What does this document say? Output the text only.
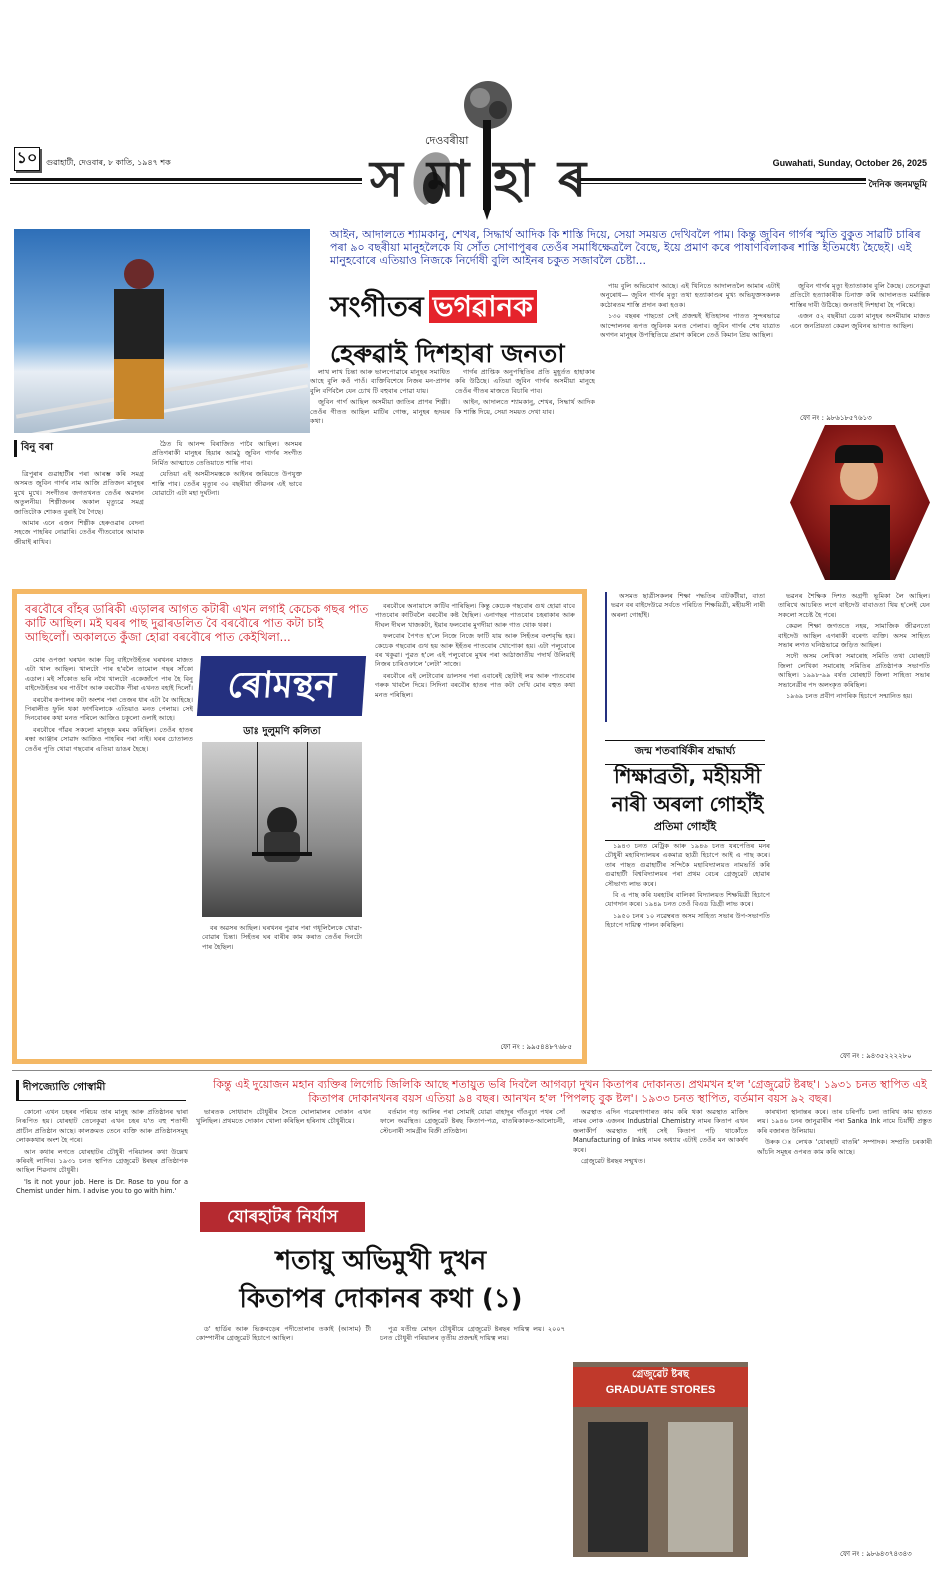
১০	গুৱাহাটী, দেওবাৰ, ৮ কাতি, ১৯৪৭ শক
দেওবৰীয়া
সমাহাৰ	Guwahati, Sunday, October 26, 2025
দৈনিক জনমভূমি
আইন, আদালতে শ্যামকানু, শেখৰ, সিদ্ধাৰ্থ আদিক কি শাস্তি দিয়ে, সেয়া সময়ত দেখিবলৈ পাম। কিন্তু জুবিন গাৰ্গৰ স্মৃতি বুকুত সাৱটি চাৰিৰ পৰা ৯০ বছৰীয়া মানুহলৈকে যি সোঁত সোণাপুৰৰ তেওঁৰ সমাধিক্ষেত্ৰলৈ বৈছে, ইয়ে প্ৰমাণ কৰে পাষাণবিলাকৰ শাস্তি ইতিমধ্যে হৈছেই। এই মানুহবোৰে এতিয়াও নিজকে নিৰ্দোষী বুলি আইনৰ চকুত সজাবলৈ চেষ্টা...
সংগীতৰ ভগৱানক
হেৰুৱাই দিশহাৰা জনতা
বিনু বৰা

ত্ৰিপুৰাৰ গুৱাহাটীৰ পৰা আৰম্ভ কৰি সমগ্ৰ অসমত জুবিন গাৰ্গৰ নাম আজি প্ৰতিজন মানুহৰ মুখে মুখে। সংগীতৰ জগতখনত তেওঁৰ অৱদান অতুলনীয়। শিল্পীজনৰ অকাল মৃত্যুৱে সমগ্ৰ জাতিটোক শোকত বুৰাই থৈ গৈছে।

আমাৰ এনে এজন শিল্পীক হেৰুওৱাৰ বেদনা সহজে পাহৰিব নোৱাৰি। তেওঁৰ গীতবোৰে আমাক জীয়াই ৰাখিব।

ঠৈত যি আনন্দ বিৰাজিত পাবৈ আছিল। অসমৰ প্ৰতিগৰাকী মানুহৰ হিয়াৰ আমঠু জুবিন গাৰ্গৰ সংগীত নিৰ্মিত আত্মাতে তেতিয়াতে শান্তি পাব।

যেতিয়া এই অসমীসমস্তকে আইনৰ জৰিয়তে উপযুক্ত শাস্তি পাব। তেওঁৰ মৃত্যুৰ ৩০ বছৰীয়া জীৱনৰ এই ভাবে যোৱাটো এটা মহা দুৰ্ঘটনা।

লাখ লাখ চিন্তা আৰু ভালপোৱাৰে মানুহৰ সমাধিত আহে বুলি কওঁ পাওঁ। ব্যক্তিবিশেষে নিজৰ মন-প্ৰাণৰ বুলি বৰ্ণিবলৈ যেন চোখ টি বহুবাৰ পোৱা যায়।

জুবিন গাৰ্গ আছিল অসমীয়া জাতিৰ প্ৰাণৰ শিল্পী। তেওঁৰ গীতত আছিল মাটিৰ গোন্ধ, মানুহৰ হৃদয়ৰ কথা।

গাৰ্গৰ প্ৰাপ্তিক অনুপস্থিতিৰ প্ৰতি মুহূৰ্তত হাহাকাৰ কৰি উঠিছে। এতিয়া জুবিন গাৰ্গৰ অসমীয়া মানুহে তেওঁৰ গীতৰ মাজতে বিচাৰি পাব।

আইন, আদালতে শ্যামকানু, শেখৰ, সিদ্ধাৰ্থ আদিক কি শাস্তি দিয়ে, সেয়া সময়ত দেখা যাব।

পায় বুলি অভিযোগ আছে। এই খিনিতে আদালতলৈ আমাৰ এটাই অনুৰোধ— জুবিন গাৰ্গৰ মৃত্যু তথা হত্যাকাণ্ডৰ মুখ্য অভিযুক্তসকলক কঠোৰতম শাস্তি প্ৰদান কৰা হওক।

১৩০ বছৰৰ পাছতো সেই প্ৰজন্মই ইতিহাসৰ পাতত সুন্দৰভাৱে আন্দোলনৰ ৰূপত জুবিনক মনত পেলাব। জুবিন গাৰ্গৰ শেষ যাত্ৰাত অগণন মানুহৰ উপস্থিতিয়ে প্ৰমাণ কৰিলে তেওঁ কিমান প্ৰিয় আছিল।

জুবিন গাৰ্গৰ মৃত্যু ইতাতাকাৰ বুলি কৈছে। তেনেকুৱা প্ৰতিটো হত্যাকাৰীক চিনাক্ত কৰি আদালতত মৰ্মান্তিক শাস্তিৰ দাবী উঠিছে। জনতাই দিশহাৰা হৈ পৰিছে।

এজন ৫২ বছৰীয়া ডেকা মানুহৰ অসমীয়াৰ মাজত এনে জনপ্ৰিয়তা কেৱল জুবিনৰ ভাগ্যত আছিল।

ফো নং : ৯৮৬১৮৫৭৬১৩
বৰবৌৰে বাঁহৰ ডাৰিকী এড়ালৰ আগত কটাৰী এখন লগাই কেচেক গছৰ পাত কাটি আছিল। মই ঘৰৰ পাছ দুৱাৰডলিত বৈ বৰবৌৰে পাত কটা চাই আছিলোঁ। অকালতে কুঁজা হোৱা বৰবৌৰে পাত কেইখিলা...
ৰোমন্থন
ডাঃ দুলুমণি কলিতা

মোৰ ওপজা ঘৰখন আৰু বিনু বাইদেউহঁতৰ ঘৰখনৰ মাজত এটা খাল আছিল। খালটো পাৰ হ'বলৈ তামোল গছৰ সাঁকো এডাল। মই সাঁকোত ভৰি নথৈ খালটো একেজাঁপে পাৰ হৈ বিনু বাইদেউহঁতৰ ঘৰ পাওঁগৈ আৰু বৰবৌক পীৰা এখনত বহাই দিলোঁ।

বৰবৌৰ কপালৰ কটা অংশৰ পৰা তেজৰ ধাৰ এটা বৈ আহিছে। পিৰালীত ফুলি থকা ফাৰ্ণবিলাকে এতিয়াও মনত পেলায়। সেই দিনবোৰৰ কথা মনত পৰিলে আজিও চকুলো ওলাই আহে।

বৰবৌৰে গাঁৱৰ সকলো মানুহক মৰম কৰিছিল। তেওঁৰ হাতৰ ৰন্ধা আঞ্জাৰ সোৱাদ আজিও পাহৰিব পৰা নাই। ঘৰৰ চোতালত তেওঁৰ পুতি থোৱা গছবোৰ এতিয়া ডাঙৰ হৈছে।

বৰ অৱসৰ আছিল। ঘৰখনৰ পুৱাৰ পৰা গধূলিলৈকে খোৱা-বোৱাৰ চিন্তা। সিহঁতৰ ঘৰ বাৰীৰ কাম কৰাত তেওঁৰ দিনটো পাৰ হৈছিল।

বৰবৌৰে অনায়াসে কাটিব পাৰিছিল। কিন্তু কেচেক গছবোৰ গুথ হোৱা বাবে পাতবোৰ কাটিবলৈ বৰবৌৰ কষ্ট হৈছিল। এনাগছৰ পাতবোৰ চহৰাকাৰ আৰু দীঘল দীঘল খাজকটা, ইয়াৰ ফলবোৰ মুগদীয়া আৰু গাত থোক থকা।

ফলবোৰ পৈণত হ'লে নিজে নিজে ফাটি যায় আৰু সিহঁতৰ বংশবৃদ্ধি হয়। কেচেক গছবোৰ গুথ হয় আৰু ইহঁতৰ পাতবোৰ খোপোকা হয়। এটা পলুবোৰে বৰ খকুৱা। পুৱত হ'লে এই পলুবোৰে মুখৰ পৰা আঠাজাতীয় পদাৰ্থ উলিয়াই নিজৰ চাৰিওফালে 'লেটা' সাজে।

বৰবৌৰে এই লেটাবোৰ ডালসৰ পৰা এবাৰেই ছোটাই লয় আৰু পাতবোৰ গৰুক খাবলৈ দিয়ে। সিদিনা বৰবৌৰ হাতৰ পাত কটা দেখি মোৰ বহুত কথা মনত পৰিছিল।

ফো নং : ৯৯৫৪৪৮৭৬৮৫

অসমত ছাত্ৰীসকলৰ শিক্ষা পদ্ধতিৰ বাটকটীয়া, বাতা ভৱন বৰ বাইদেউৱে সৰ্বতে পৰিচিত শিক্ষয়িত্ৰী, মহীয়সী নাৰী অৰলা গোহাঁই।

জন্ম শতবাৰ্ষিকীৰ শ্ৰদ্ধাৰ্ঘ্য
শিক্ষাব্ৰতী, মহীয়সী
নাৰী অৰলা গোহাঁই
প্ৰতিমা গোহাঁই

১৯৪৩ চনত মেট্ৰিক আৰু ১৯৪৬ চনত যৰপেতিৰ মনৰ চৌধুৰী মহাবিদ্যালয়ৰ একমাত্ৰ ছাত্ৰী হিচাপে আই এ পাছ কৰে। তাৰ পাছত গুৱাহাটীৰ সন্দিকৈ মহাবিদ্যালয়ত নামভৰ্তি কৰি গুৱাহাটী বিশ্ববিদ্যালয়ৰ পৰা প্ৰথম বেচৰ গ্ৰেজুৱেট হোৱাৰ সৌভাগ্য লাভ কৰে।

বি এ পাছ কৰি যৰহাটৰ বালিকা বিদ্যালয়ত শিক্ষয়িত্ৰী হিচাপে যোগদান কৰে। ১৯৪৯ চনত তেওঁ বিএড ডিগ্ৰী লাভ কৰে।

১৯৫০ চনৰ ১০ নৱেম্বৰত অসম সাহিত্য সভাৰ উপ-সভাপতি হিচাপে দায়িত্ব পালন কৰিছিল।

ভৱনৰ শৈক্ষিক দিশত অগ্ৰণী ভূমিকা লৈ আছিল। তাৰিখে আচৰিত লগে বাইদেউ বাবাওতা থিয় হ'লেই যেন সকলো সচেষ্ট হৈ পৰে।

কেৱল শিক্ষা জগততে নহয়, সামাজিক জীৱনতো বাইদেউ আছিল এগৰাকী বৰেণ্য ব্যক্তি। অসম সাহিত্য সভাৰ লগত ঘনিষ্ঠভাৱে জড়িত আছিল।

সদৌ অসম লেখিকা সমাৰোহ সমিতি তথা যোৰহাট জিলা লেখিকা সমাৰোহ সমিতিৰ প্ৰতিষ্ঠাপক সভাপতি আছিল। ১৯৯৮-৯৯ বৰ্ষত যোৰহাট জিলা সাহিত্য সভাৰ সভানেত্ৰীৰ পদ অলংকৃত কৰিছিল।

১৯৬৯ চনত প্ৰবীণ নাগৰিক হিচাপে সন্মানিত হয়।

ফো নং : ৯৪৩৫২২২২৮০
দীপজ্যোতি গোস্বামী	কিন্তু এই দুয়োজন মহান ব্যক্তিৰ লিগেচি জিলিকি আছে শতায়ুত ভৰি দিবলৈ আগবঢ়া দুখন কিতাপৰ দোকানত। প্ৰথমখন হ'ল 'গ্ৰেজুৱেট ষ্টৰছ'। ১৯৩১ চনত স্থাপিত এই কিতাপৰ দোকানখনৰ বয়স এতিয়া ৯৪ বছৰ। আনখন হ'ল 'পিপলচ্‌ বুক ষ্টল'। ১৯৩৩ চনত স্থাপিত, বৰ্তমান বয়স ৯২ বছৰ।

কোনো এখন চহৰৰ পৰিচয় তাৰ মানুহ আৰু প্ৰতিষ্ঠানৰ দ্বাৰা নিৰূপিত হয়। যোৰহাট তেনেকুৱা এখন চহৰ য'ত বহু শতাব্দী প্ৰাচীন প্ৰতিষ্ঠান আছে। কালক্ৰমত তেনে ব্যক্তি আৰু প্ৰতিষ্ঠানসমূহ লোককথাৰ অংশ হৈ পৰে।

আন কথাৰ লগতে যোৰহাটৰ চৌধুৰী পৰিয়ালৰ কথা উল্লেখ কৰিবই লাগিব। ১৯৩১ চনত স্থাপিত গ্ৰেজুৱেট ষ্টৰছৰ প্ৰতিষ্ঠাপক আছিল শিৱনাথ চৌধুৰী।

'Is it not your job. Here is Dr. Rose to you for a Chemist under him. I advise you to go with him.'

ভাৰতক সোধাবাদ চৌধুৰীৰ সৈতে ঘোলামালৰ দোকান এখন খুলিছিল। প্ৰথমতে দোকান খোলা কৰিছিল হৰিনাথ চৌধুৰীয়ে।

যোৰহাটৰ নিৰ্যাস
শতায়ু অভিমুখী দুখন
কিতাপৰ দোকানৰ কথা (১)

ড' হাৰ্ডিৰ আৰু ভিক্ৰবড়েৰ পদীতোলাৰ তকাই (আসাম) টী কোম্পানীৰ গ্ৰেজুৱেট হিচাপে আছিল।

বৰ্তমান গড় আলিৰ পৰা সোমাই যোৱা বাহাদুৰ গাঁওবুঢ়া পথৰ সোঁ ফালে অৱস্থিত। গ্ৰেজুৱেট ষ্টৰছ কিতাপ-পত্ৰ, বাতৰিকাকত-আলোচনী, স্টেচনাৰী সামগ্ৰীৰ বিক্ৰী প্ৰতিষ্ঠান।

পুত্ৰ যতীন্দ্ৰ মোহন চৌধুৰীয়ে গ্ৰেজুৱেট ষ্টৰছৰ দায়িত্ব লয়। ২০০৭ চনত চৌধুৰী পৰিয়ালৰ তৃতীয় প্ৰজন্মই দায়িত্ব লয়।

অৱস্থাত এদিন গৱেষণাগাৰত কাম কৰি থকা অৱস্থাত মাজিদ নামৰ লোক এজনৰ Industrial Chemistry নামৰ কিতাপ এখন জলাকীৰ্ণ অৱস্থাত পাই সেই কিতাপ পঢ়ি থাকোঁতে Manufacturing of Inks নামৰ অধ্যায় এটাই তেওঁৰ মন আকৰ্ষণ কৰে।

গ্ৰেজুৱেট ষ্টৰছৰ সন্মুখত।

গ্ৰেজুৱেট ষ্টৰছ
GRADUATE STORES

কাৰখানা স্থানান্তৰ কৰে। তাৰ চৰিপাঁচ চলা তাৰিখ কাম হাতত লয়। ১৯৪৬ চনৰ জানুৱাৰীৰ পৰা Sanka Ink নামে চিয়াঁহী প্ৰস্তুত কৰি বজাৰত উলিয়ায়।

উৰুক ঃ লেখক 'যোৰহাট বাতৰি' সম্পাদক। সম্প্ৰতি চৰকাৰী আঁচনি সমূহৰ ওপৰত কাম কৰি আছে।

ফো নং : ৯৮৬৪৩৭৪৩৪৩
